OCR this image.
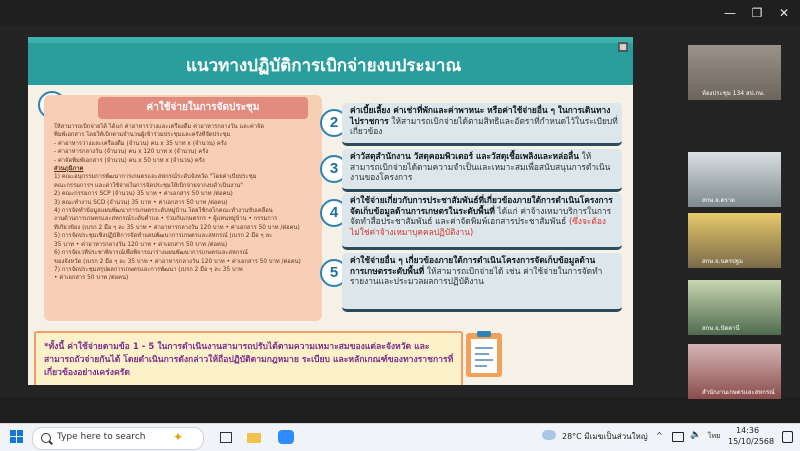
—	❐	✕
แนวทางปฏิบัติการเบิกจ่ายงบประมาณ
▦
ค่าใช้จ่ายในการจัดประชุม
ให้สามารถเบิกจ่ายได้ ได้แก่ ค่าอาหารว่างและเครื่องดื่ม ค่าอาหารกลางวัน และค่าจัด
พิมพ์เอกสาร โดยให้เบิกตามจำนวนผู้เข้าร่วมประชุมและครั้งที่จัดประชุม
- ค่าอาหารว่างและเครื่องดื่ม (จำนวน) คน x 35 บาท x (จำนวน) ครั้ง
- ค่าอาหารกลางวัน (จำนวน) คน x 120 บาท x (จำนวน) ครั้ง
- ค่าจัดพิมพ์เอกสาร (จำนวน) คน x 50 บาท x (จำนวน) ครั้ง
ส่วนภูมิภาค
1) คณะอนุกรรมการพัฒนาการเกษตรและสหกรณ์ระดับจังหวัด "โดยค่าเบี้ยประชุม
คณะกรรมการฯ และค่าใช้จ่ายในการจัดประชุมให้เบิกจ่ายจากงบดำเนินงาน"
2) คณะกรรมการ SCP (จำนวน) 35 บาท • ค่าเอกสาร 50 บาท /ต่อคน)
3) คณะทำงาน SCD (จำนวน) 35 บาท • ค่าเอกสาร 50 บาท /ต่อคน)
4) การจัดทำข้อมูลแผนพัฒนาการเกษตรระดับหมู่บ้าน โดยใช้กลไกคณะทำงานขับเคลื่อน
งานด้านการเกษตรและสหกรณ์ระดับตำบล • ร่วมกับเกษตรกร • ผู้แทนหมู่บ้าน • กรรมการ
ที่เกี่ยวข้อง (เบรก 2 มื้อ ๆ ละ 35 บาท • ค่าอาหารกลางวัน 120 บาท • ค่าเอกสาร 50 บาท /ต่อคน)
5) การจัดประชุมเชิงปฏิบัติการจัดทำแผนพัฒนาการเกษตรและสหกรณ์ (เบรก 2 มื้อ ๆ ละ
35 บาท • ค่าอาหารกลางวัน 120 บาท • ค่าเอกสาร 50 บาท /ต่อคน)
6) การจัดเวทีประชาพิจารณ์เพื่อพิจารณาร่างแผนพัฒนาการเกษตรและสหกรณ์
ของจังหวัด (เบรก 2 มื้อ ๆ ละ 35 บาท • ค่าอาหารกลางวัน 120 บาท • ค่าเอกสาร 50 บาท /ต่อคน)
7) การจัดประชุมสรุปผลการเกษตรและการพัฒนา (เบรก 2 มื้อ ๆ ละ 35 บาท
• ค่าเอกสาร 50 บาท /ต่อคน)
2
ค่าเบี้ยเลี้ยง ค่าเช่าที่พักและค่าพาหนะ หรือค่าใช้จ่ายอื่น ๆ ในการเดินทางไปราชการ ให้สามารถเบิกจ่ายได้ตามสิทธิและอัตราที่กำหนดไว้ในระเบียบที่เกี่ยวข้อง
3
ค่าวัสดุสำนักงาน วัสดุคอมพิวเตอร์ และวัสดุเชื้อเพลิงและหล่อลื่น ให้สามารถเบิกจ่ายได้ตามความจำเป็นและเหมาะสมเพื่อสนับสนุนการดำเนินงานของโครงการ
4
ค่าใช้จ่ายเกี่ยวกับการประชาสัมพันธ์ที่เกี่ยวข้องภายใต้การดำเนินโครงการจัดเก็บข้อมูลด้านการเกษตรในระดับพื้นที่ ได้แก่ ค่าจ้างเหมาบริการในการจัดทำสื่อประชาสัมพันธ์ และค่าจัดพิมพ์เอกสารประชาสัมพันธ์ (ซึ่งจะต้องไม่ใช่ค่าจ้างเหมาบุคคลปฏิบัติงาน)
5
ค่าใช้จ่ายอื่น ๆ เกี่ยวข้องภายใต้การดำเนินโครงการจัดเก็บข้อมูลด้านการเกษตรระดับพื้นที่ ให้สามารถเบิกจ่ายได้ เช่น ค่าใช้จ่ายในการจัดทำรายงานและประมวลผลการปฏิบัติงาน
*ทั้งนี้ ค่าใช้จ่ายตามข้อ 1 - 5 ในการดำเนินงานสามารถปรับได้ตามความเหมาะสมของแต่ละจังหวัด และสามารถถัวจ่ายกันได้ โดยดำเนินการดังกล่าวให้ถือปฏิบัติตามกฎหมาย ระเบียบ และหลักเกณฑ์ของทางราชการที่เกี่ยวข้องอย่างเคร่งครัด
ห้องประชุม 134 สป.กษ.
สกษ.จ.ตราด
สกษ.จ.นครปฐม
สกษ.จ.ปัตตานี
สำนักงานเกษตรและสหกรณ์
Type here to search ✦	28°C มีเมฆเป็นส่วนใหญ่ ^	🔈 ไทย
14:36
15/10/2568
